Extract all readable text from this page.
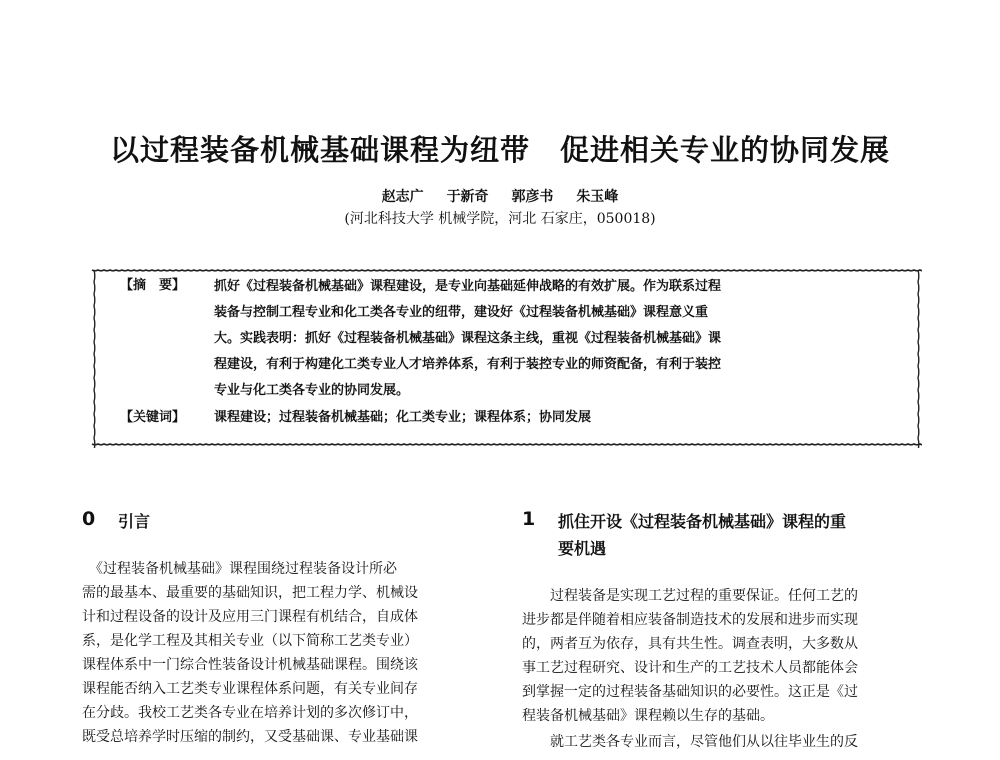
以过程装备机械基础课程为纽带　促进相关专业的协同发展
赵志广 于新奇 郭彦书 朱玉峰
(河北科技大学 机械学院，河北 石家庄，050018)
【摘　要】	抓好《过程装备机械基础》课程建设，是专业向基础延伸战略的有效扩展。作为联系过程
装备与控制工程专业和化工类各专业的纽带，建设好《过程装备机械基础》课程意义重
大。实践表明：抓好《过程装备机械基础》课程这条主线，重视《过程装备机械基础》课
程建设，有利于构建化工类专业人才培养体系，有利于装控专业的师资配备，有利于装控
专业与化工类各专业的协同发展。
【关键词】	课程建设；过程装备机械基础；化工类专业；课程体系；协同发展
0	引言
　《过程装备机械基础》课程围绕过程装备设计所必
需的最基本、最重要的基础知识，把工程力学、机械设
计和过程设备的设计及应用三门课程有机结合，自成体
系，是化学工程及其相关专业（以下简称工艺类专业）
课程体系中一门综合性装备设计机械基础课程。围绕该
课程能否纳入工艺类专业课程体系问题，有关专业间存
在分歧。我校工艺类各专业在培养计划的多次修订中，
既受总培养学时压缩的制约，又受基础课、专业基础课
1	抓住开设《过程装备机械基础》课程的重
要机遇
　　过程装备是实现工艺过程的重要保证。任何工艺的
进步都是伴随着相应装备制造技术的发展和进步而实现
的，两者互为依存，具有共生性。调查表明，大多数从
事工艺过程研究、设计和生产的工艺技术人员都能体会
到掌握一定的过程装备基础知识的必要性。这正是《过
程装备机械基础》课程赖以生存的基础。
　　就工艺类各专业而言，尽管他们从以往毕业生的反
